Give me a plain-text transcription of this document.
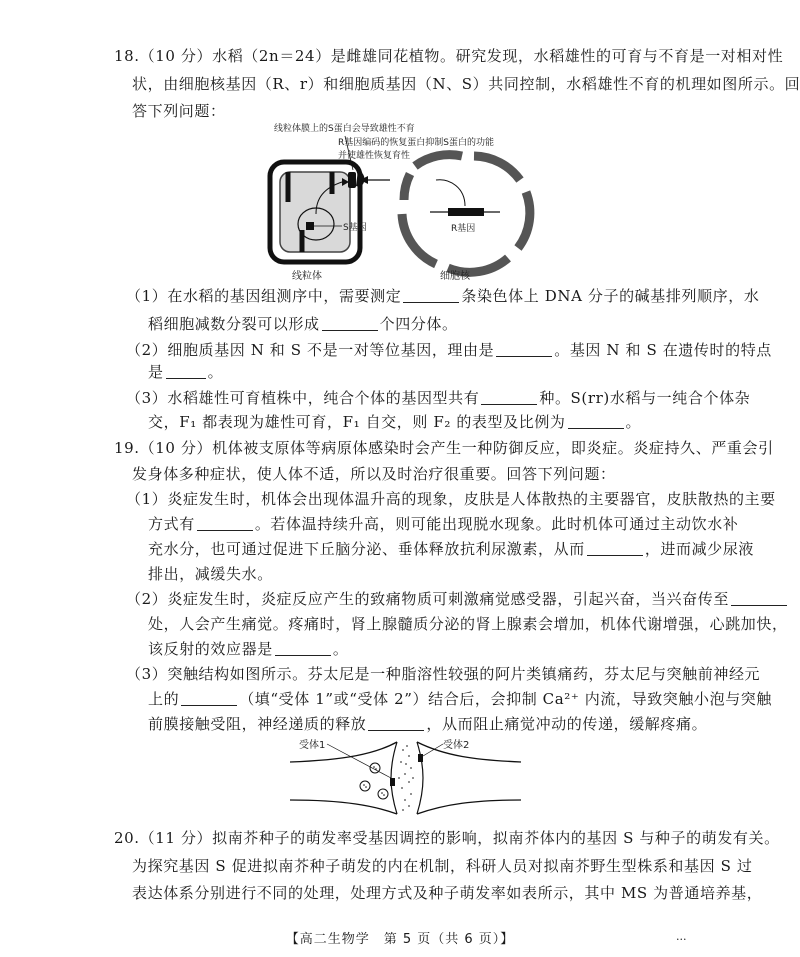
18.（10 分）水稻（2n＝24）是雌雄同花植物。研究发现，水稻雄性的可育与不育是一对相对性
状，由细胞核基因（R、r）和细胞质基因（N、S）共同控制，水稻雄性不育的机理如图所示。回
答下列问题：
线粒体膜上的S蛋白会导致雄性不育
R基因编码的恢复蛋白抑制S蛋白的功能
并使雄性恢复育性
S基因	R基因
线粒体	细胞核
（1）在水稻的基因组测序中，需要测定	条染色体上 DNA 分子的碱基排列顺序，水
稻细胞减数分裂可以形成	个四分体。
（2）细胞质基因 N 和 S 不是一对等位基因，理由是	。基因 N 和 S 在遗传时的特点
是	。
（3）水稻雄性可育植株中，纯合个体的基因型共有	种。S(rr)水稻与一纯合个体杂
交，F₁ 都表现为雄性可育，F₁ 自交，则 F₂ 的表型及比例为	。
19.（10 分）机体被支原体等病原体感染时会产生一种防御反应，即炎症。炎症持久、严重会引
发身体多种症状，使人体不适，所以及时治疗很重要。回答下列问题：
（1）炎症发生时，机体会出现体温升高的现象，皮肤是人体散热的主要器官，皮肤散热的主要
方式有	。若体温持续升高，则可能出现脱水现象。此时机体可通过主动饮水补
充水分，也可通过促进下丘脑分泌、垂体释放抗利尿激素，从而	，进而减少尿液
排出，减缓失水。
（2）炎症发生时，炎症反应产生的致痛物质可刺激痛觉感受器，引起兴奋，当兴奋传至
处，人会产生痛觉。疼痛时，肾上腺髓质分泌的肾上腺素会增加，机体代谢增强，心跳加快，
该反射的效应器是	。
（3）突触结构如图所示。芬太尼是一种脂溶性较强的阿片类镇痛药，芬太尼与突触前神经元
上的	（填“受体 1”或“受体 2”）结合后，会抑制 Ca²⁺ 内流，导致突触小泡与突触
前膜接触受阻，神经递质的释放	，从而阻止痛觉冲动的传递，缓解疼痛。
受体1	受体2
20.（11 分）拟南芥种子的萌发率受基因调控的影响，拟南芥体内的基因 S 与种子的萌发有关。
为探究基因 S 促进拟南芥种子萌发的内在机制，科研人员对拟南芥野生型株系和基因 S 过
表达体系分别进行不同的处理，处理方式及种子萌发率如表所示，其中 MS 为普通培养基，
【高二生物学　第 5 页（共 6 页）】	...
